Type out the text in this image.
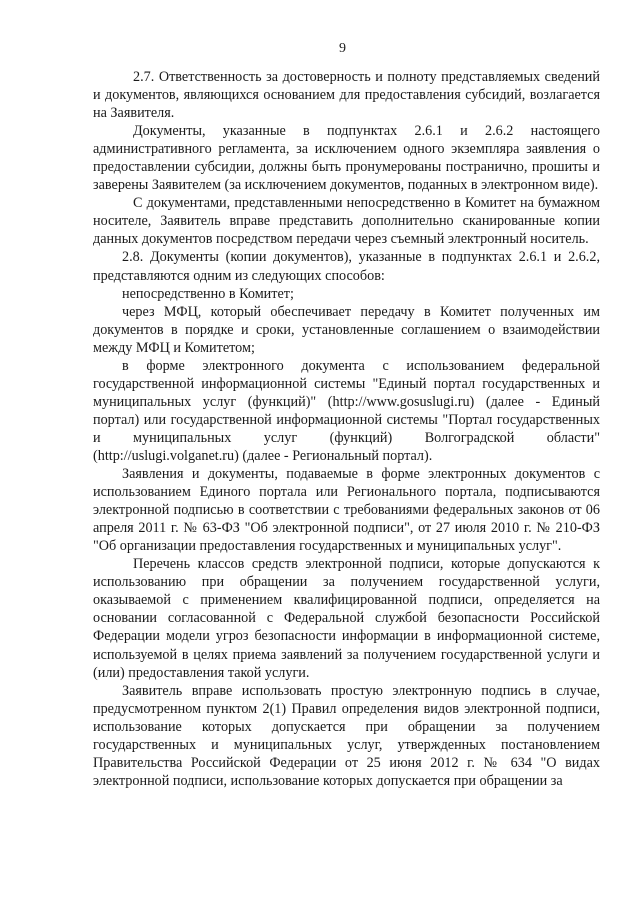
9

2.7. Ответственность за достоверность и полноту представляемых сведений и документов, являющихся основанием для предоставления субсидий, возлагается на Заявителя.

Документы, указанные в подпунктах 2.6.1 и 2.6.2 настоящего административного регламента, за исключением одного экземпляра заявления о предоставлении субсидии, должны быть пронумерованы постранично, прошиты и заверены Заявителем (за исключением документов, поданных в электронном виде).

С документами, представленными непосредственно в Комитет на бумажном носителе, Заявитель вправе представить дополнительно сканированные копии данных документов посредством передачи через съемный электронный носитель.

2.8. Документы (копии документов), указанные в подпунктах 2.6.1 и 2.6.2, представляются одним из следующих способов:

непосредственно в Комитет;

через МФЦ, который обеспечивает передачу в Комитет полученных им документов в порядке и сроки, установленные соглашением о взаимодействии между МФЦ и Комитетом;

в форме электронного документа с использованием федеральной государственной информационной системы "Единый портал государственных и муниципальных услуг (функций)" (http://www.gosuslugi.ru) (далее - Единый портал) или государственной информационной системы "Портал государственных и муниципальных услуг (функций) Волгоградской области" (http://uslugi.volganet.ru) (далее - Региональный портал).

Заявления и документы, подаваемые в форме электронных документов с использованием Единого портала или Регионального портала, подписываются электронной подписью в соответствии с требованиями федеральных законов от 06 апреля 2011 г. № 63-ФЗ "Об электронной подписи", от 27 июля 2010 г. № 210-ФЗ "Об организации предоставления государственных и муниципальных услуг".

Перечень классов средств электронной подписи, которые допускаются к использованию при обращении за получением государственной услуги, оказываемой с применением квалифицированной подписи, определяется на основании согласованной с Федеральной службой безопасности Российской Федерации модели угроз безопасности информации в информационной системе, используемой в целях приема заявлений за получением государственной услуги и (или) предоставления такой услуги.

Заявитель вправе использовать простую электронную подпись в случае, предусмотренном пунктом 2(1) Правил определения видов электронной подписи, использование которых допускается при обращении за получением государственных и муниципальных услуг, утвержденных постановлением Правительства Российской Федерации от 25 июня 2012 г. № 634 "О видах электронной подписи, использование которых допускается при обращении за
